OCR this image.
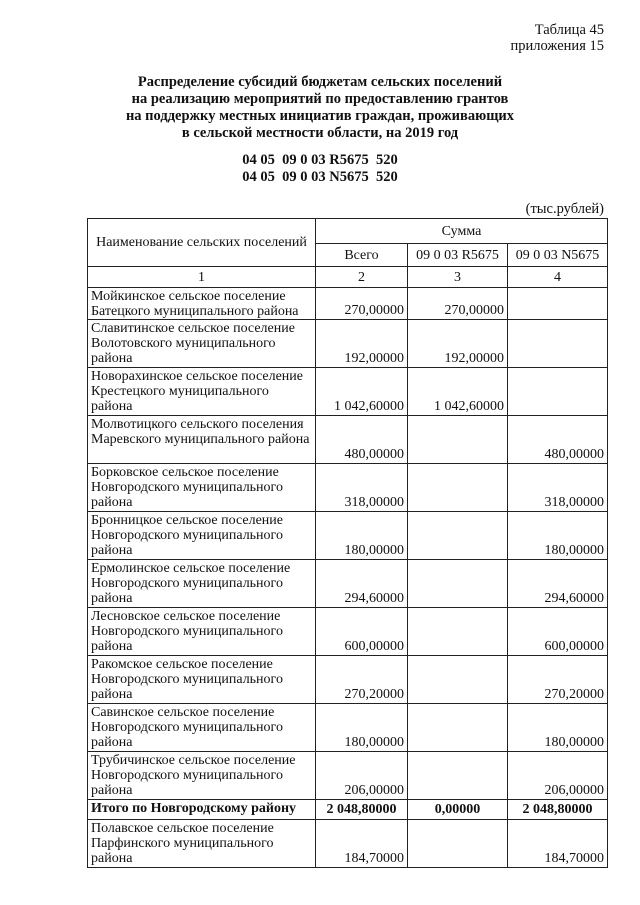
Таблица 45
приложения 15
Распределение субсидий бюджетам сельских поселений
на реализацию мероприятий по предоставлению грантов
на поддержку местных инициатив граждан, проживающих
в сельской местности области, на 2019 год
04 05  09 0 03 R5675  520
04 05  09 0 03 N5675  520
(тыс.рублей)
Наименование сельских поселений	Сумма		
	Всего	09 0 03 R5675	09 0 03 N5675
1	2	3	4
Мойкинское сельское поселение Батецкого муниципального района	270,00000	270,00000	
Славитинское сельское поселение Волотовского муниципального района	192,00000	192,00000	
Новорахинское сельское поселение Крестецкого муниципального района	1 042,60000	1 042,60000	
Молвотицкого сельского поселения Маревского муниципального района	480,00000		480,00000
Борковское сельское поселение Новгородского муниципального района	318,00000		318,00000
Бронницкое сельское поселение Новгородского муниципального района	180,00000		180,00000
Ермолинское сельское поселение Новгородского муниципального района	294,60000		294,60000
Лесновское сельское поселение Новгородского муниципального района	600,00000		600,00000
Ракомское сельское поселение Новгородского муниципального района	270,20000		270,20000
Савинское сельское поселение Новгородского муниципального района	180,00000		180,00000
Трубичинское сельское поселение Новгородского муниципального района	206,00000		206,00000
Итого по Новгородскому району	2 048,80000	0,00000	2 048,80000
Полавское сельское поселение Парфинского муниципального района	184,70000		184,70000
